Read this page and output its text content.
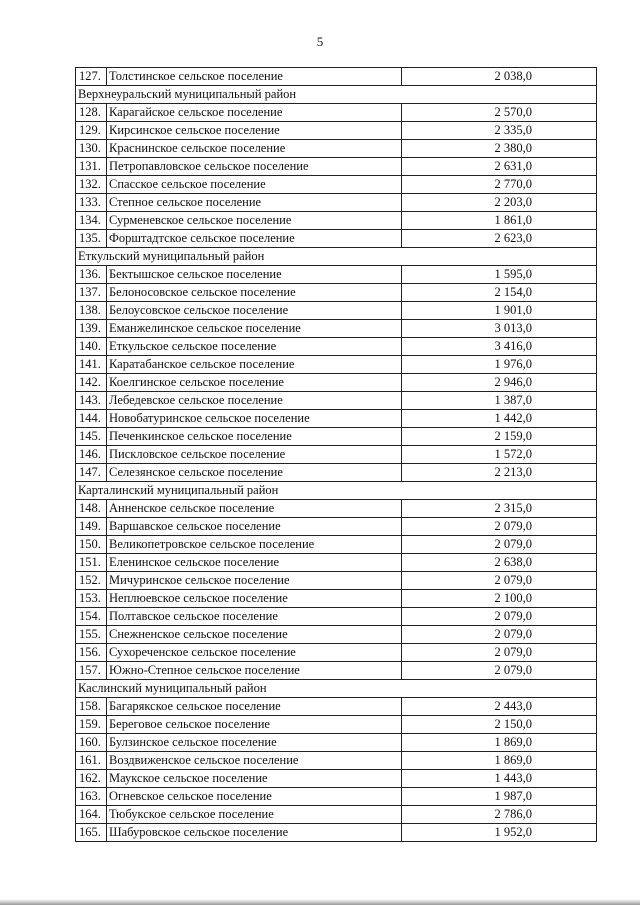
5
127.	Толстинское сельское поселение	2 038,0
Верхнеуральский муниципальный район		
128.	Карагайское сельское поселение	2 570,0
129.	Кирсинское сельское поселение	2 335,0
130.	Краснинское сельское поселение	2 380,0
131.	Петропавловское сельское поселение	2 631,0
132.	Спасское сельское поселение	2 770,0
133.	Степное сельское поселение	2 203,0
134.	Сурменевское сельское поселение	1 861,0
135.	Форштадтское сельское поселение	2 623,0
Еткульский муниципальный район		
136.	Бектышское сельское поселение	1 595,0
137.	Белоносовское сельское поселение	2 154,0
138.	Белоусовское сельское поселение	1 901,0
139.	Еманжелинское сельское поселение	3 013,0
140.	Еткульское сельское поселение	3 416,0
141.	Каратабанское сельское поселение	1 976,0
142.	Коелгинское сельское поселение	2 946,0
143.	Лебедевское сельское поселение	1 387,0
144.	Новобатуринское сельское поселение	1 442,0
145.	Печенкинское сельское поселение	2 159,0
146.	Пискловское сельское поселение	1 572,0
147.	Селезянское сельское поселение	2 213,0
Карталинский муниципальный район		
148.	Анненское сельское поселение	2 315,0
149.	Варшавское сельское поселение	2 079,0
150.	Великопетровское сельское поселение	2 079,0
151.	Еленинское сельское поселение	2 638,0
152.	Мичуринское сельское поселение	2 079,0
153.	Неплюевское сельское поселение	2 100,0
154.	Полтавское сельское поселение	2 079,0
155.	Снежненское сельское поселение	2 079,0
156.	Сухореченское сельское поселение	2 079,0
157.	Южно-Степное сельское поселение	2 079,0
Каслинский муниципальный район		
158.	Багарякское сельское поселение	2 443,0
159.	Береговое сельское поселение	2 150,0
160.	Булзинское сельское поселение	1 869,0
161.	Воздвиженское сельское поселение	1 869,0
162.	Маукское сельское поселение	1 443,0
163.	Огневское сельское поселение	1 987,0
164.	Тюбукское сельское поселение	2 786,0
165.	Шабуровское сельское поселение	1 952,0
